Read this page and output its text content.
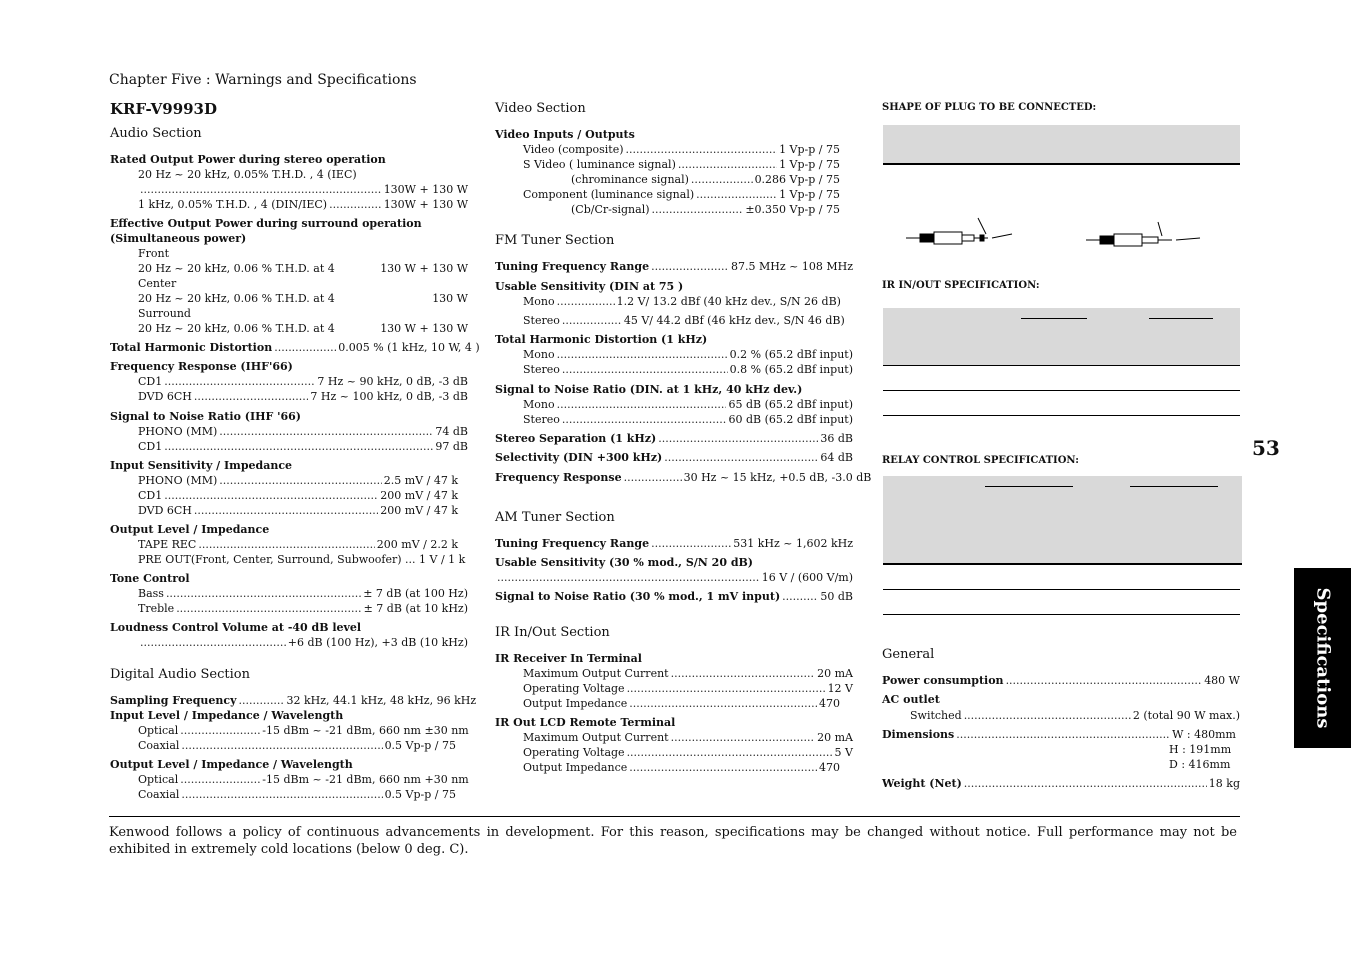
Chapter Five : Warnings and Specifications
KRF-V9993D
Audio Section
Rated Output Power during stereo operation
20 Hz ~ 20 kHz, 0.05% T.H.D. , 4 (IEC)
.....
130W + 130 W
1 kHz, 0.05% T.H.D. , 4 (DIN/IEC) .....	130W + 130 W
Effective Output Power during surround operation
(Simultaneous power)
Front
20 Hz ~ 20 kHz, 0.06 % T.H.D. at 4	130 W + 130 W
Center
20 Hz ~ 20 kHz, 0.06 % T.H.D. at 4	130 W
Surround
20 Hz ~ 20 kHz, 0.06 % T.H.D. at 4	130 W + 130 W
Total Harmonic Distortion .....	0.005 % (1 kHz, 10 W, 4 )
Frequency Response (IHF'66)
CD1 .....	7 Hz ~ 90 kHz, 0 dB, -3 dB
DVD 6CH .....	7 Hz ~ 100 kHz, 0 dB, -3 dB
Signal to Noise Ratio (IHF '66)
PHONO (MM) .....	74 dB
CD1 .....	97 dB
Input Sensitivity / Impedance
PHONO (MM) .....	2.5 mV / 47 k
CD1 .....	200 mV / 47 k
DVD 6CH .....	200 mV / 47 k
Output Level / Impedance
TAPE REC .....	200 mV / 2.2 k
PRE OUT(Front, Center, Surround, Subwoofer) ... 1 V / 1 k
Tone Control
Bass .....	± 7 dB (at 100 Hz)
Treble .....	± 7 dB (at 10 kHz)
Loudness Control Volume at -40 dB level
.....
+6 dB (100 Hz), +3 dB (10 kHz)
Digital Audio Section
Sampling Frequency .....	32 kHz, 44.1 kHz, 48 kHz, 96 kHz
Input Level / Impedance / Wavelength
Optical .....	-15 dBm ~ -21 dBm, 660 nm ±30 nm
Coaxial .....	0.5 Vp-p / 75
Output Level / Impedance / Wavelength
Optical .....	-15 dBm ~ -21 dBm, 660 nm +30 nm
Coaxial .....	0.5 Vp-p / 75
Video Section
Video Inputs / Outputs
Video (composite) .....	1 Vp-p / 75
S Video ( luminance signal) .....	1 Vp-p / 75
(chrominance signal) .....	0.286 Vp-p / 75
Component (luminance signal) .....	1 Vp-p / 75
(Cb/Cr-signal) .....	±0.350 Vp-p / 75
FM Tuner Section
Tuning Frequency Range .....	87.5 MHz ~ 108 MHz
Usable Sensitivity (DIN at 75 )
Mono .....	1.2 V/ 13.2 dBf (40 kHz dev., S/N 26 dB)
Stereo .....	45 V/ 44.2 dBf (46 kHz dev., S/N 46 dB)
Total Harmonic Distortion (1 kHz)
Mono .....	0.2 % (65.2 dBf input)
Stereo .....	0.8 % (65.2 dBf input)
Signal to Noise Ratio (DIN. at 1 kHz, 40 kHz dev.)
Mono .....	65 dB (65.2 dBf input)
Stereo .....	60 dB (65.2 dBf input)
Stereo Separation (1 kHz) .....	36 dB
Selectivity (DIN +300 kHz) .....	64 dB
Frequency Response .....	30 Hz ~ 15 kHz, +0.5 dB, -3.0 dB
AM Tuner Section
Tuning Frequency Range .....	531 kHz ~ 1,602 kHz
Usable Sensitivity (30 % mod., S/N 20 dB)
.....
16 V / (600 V/m)
Signal to Noise Ratio (30 % mod., 1 mV input) .....	50 dB
IR In/Out Section
IR Receiver In Terminal
Maximum Output Current .....	20 mA
Operating Voltage .....	12 V
Output Impedance .....	470
IR Out LCD Remote Terminal
Maximum Output Current .....	20 mA
Operating Voltage .....	5 V
Output Impedance .....	470
SHAPE OF PLUG TO BE CONNECTED:
IR IN/OUT SPECIFICATION:
RELAY CONTROL SPECIFICATION:
General
Power consumption .....	480 W
AC outlet
Switched .....	2 (total 90 W max.)
Dimensions .....	W : 480mm
H : 191mm
D : 416mm
Weight (Net) .....	18 kg
53
Specifications
Kenwood follows a policy of continuous advancements in development. For this reason, specifications may be changed without notice. Full performance may not be exhibited in extremely cold locations (below 0 deg. C).
